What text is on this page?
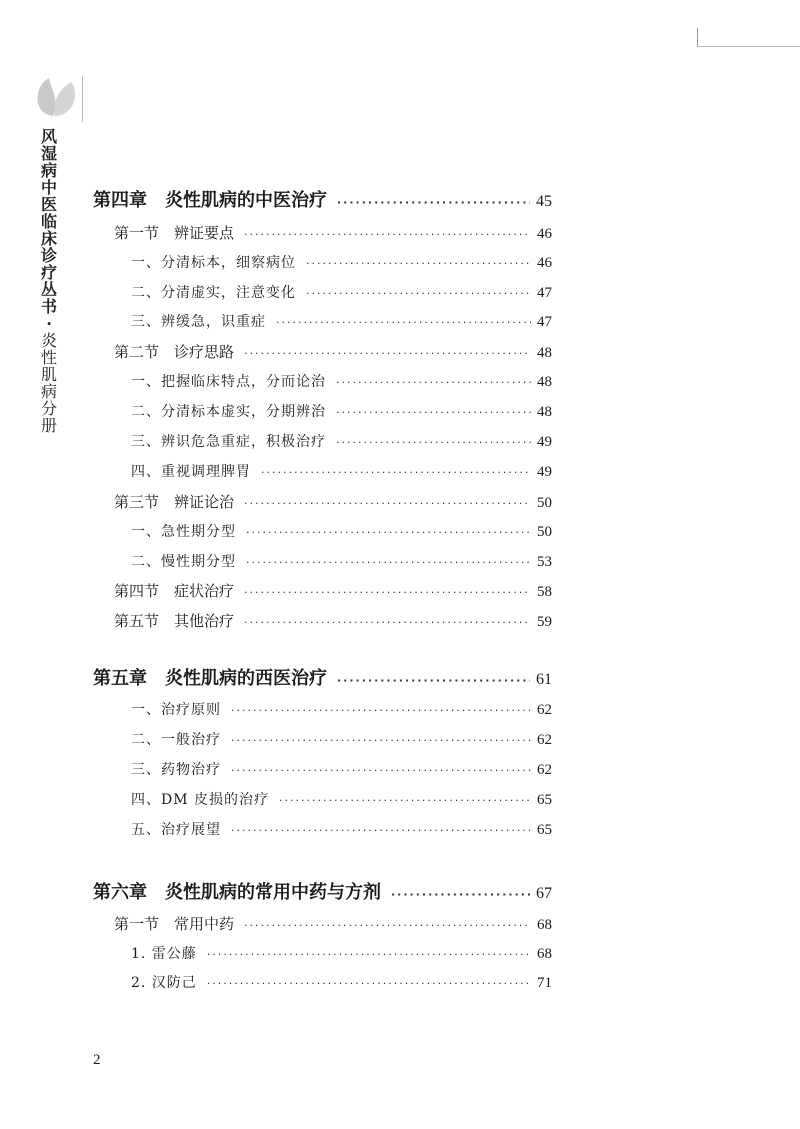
风湿病中医临床诊疗丛书
·
炎性肌病分册
第四章　炎性肌病的中医治疗 ·····	45
第一节　辨证要点 ·····	46
一、分清标本，细察病位 ·····	46
二、分清虚实，注意变化 ·····	47
三、辨缓急，识重症 ·····	47
第二节　诊疗思路 ·····	48
一、把握临床特点，分而论治 ·····	48
二、分清标本虚实，分期辨治 ·····	48
三、辨识危急重症，积极治疗 ·····	49
四、重视调理脾胃 ·····	49
第三节　辨证论治 ·····	50
一、急性期分型 ·····	50
二、慢性期分型 ·····	53
第四节　症状治疗 ·····	58
第五节　其他治疗 ·····	59
第五章　炎性肌病的西医治疗 ·····	61
一、治疗原则 ·····	62
二、一般治疗 ·····	62
三、药物治疗 ·····	62
四、DM 皮损的治疗 ·····	65
五、治疗展望 ·····	65
第六章　炎性肌病的常用中药与方剂 ·····	67
第一节　常用中药 ·····	68
1. 雷公藤 ·····	68
2. 汉防己 ·····	71
2
